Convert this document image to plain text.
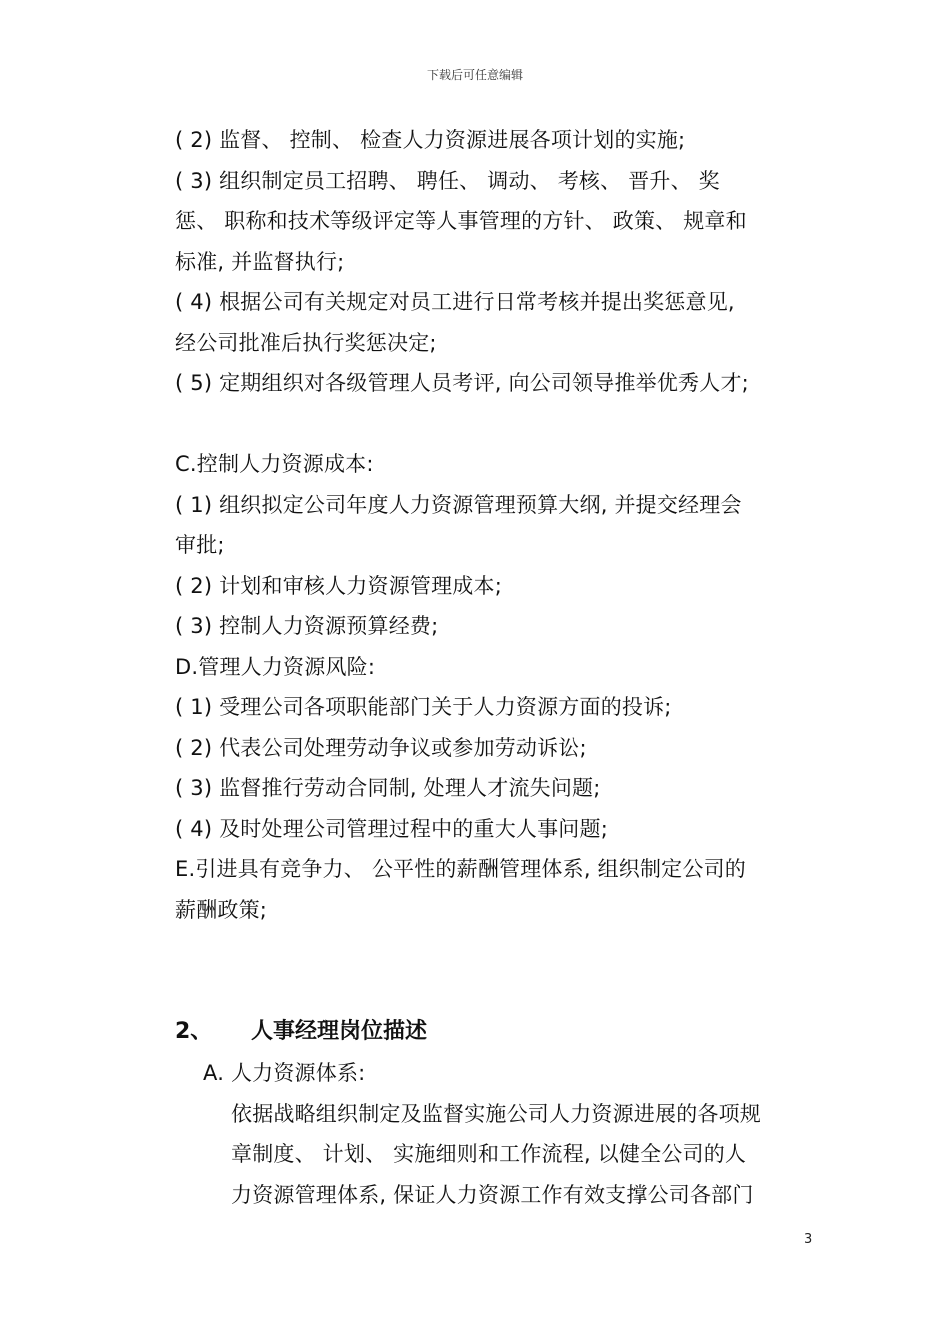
下载后可任意编辑
( 2) 监督、 控制、 检查人力资源进展各项计划的实施;
( 3) 组织制定员工招聘、 聘任、 调动、 考核、 晋升、 奖
惩、 职称和技术等级评定等人事管理的方针、 政策、 规章和
标准, 并监督执行;
( 4) 根据公司有关规定对员工进行日常考核并提出奖惩意见,
经公司批准后执行奖惩决定;
( 5) 定期组织对各级管理人员考评, 向公司领导推举优秀人才;
C.控制人力资源成本:
( 1) 组织拟定公司年度人力资源管理预算大纲, 并提交经理会
审批;
( 2) 计划和审核人力资源管理成本;
( 3) 控制人力资源预算经费;
D.管理人力资源风险:
( 1) 受理公司各项职能部门关于人力资源方面的投诉;
( 2) 代表公司处理劳动争议或参加劳动诉讼;
( 3) 监督推行劳动合同制, 处理人才流失问题;
( 4) 及时处理公司管理过程中的重大人事问题;
E.引进具有竞争力、 公平性的薪酬管理体系, 组织制定公司的
薪酬政策;
2、 人事经理岗位描述
A. 人力资源体系:
依据战略组织制定及监督实施公司人力资源进展的各项规
章制度、 计划、 实施细则和工作流程, 以健全公司的人
力资源管理体系, 保证人力资源工作有效支撑公司各部门
3
